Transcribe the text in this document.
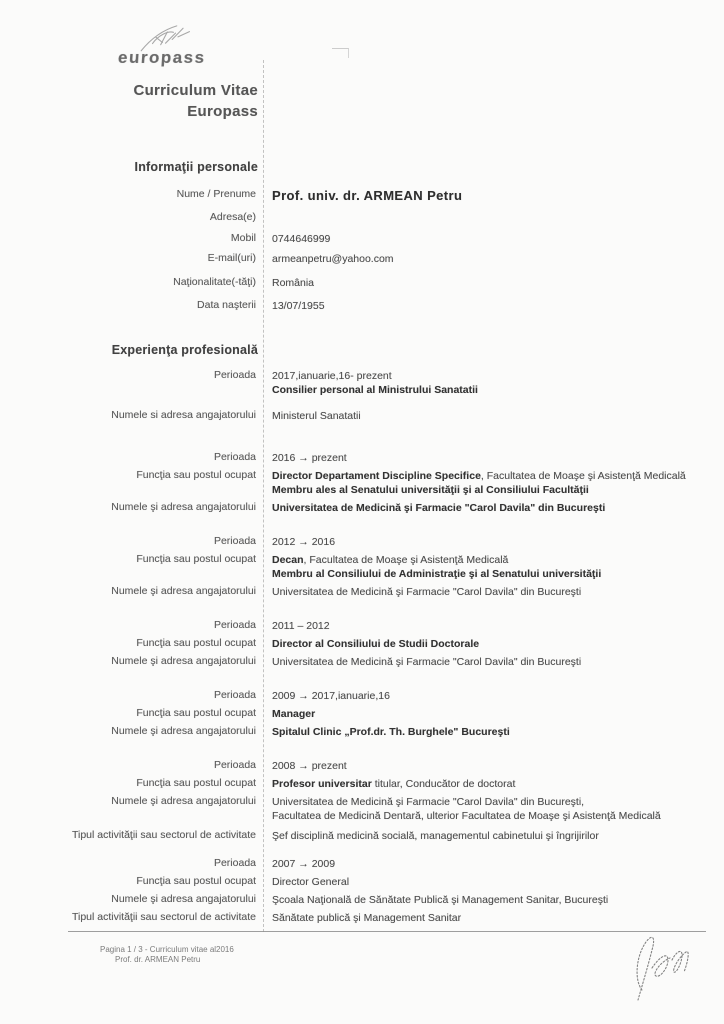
europass
Curriculum Vitae
Europass
Informaţii personale
Nume / Prenume	Prof. univ. dr. ARMEAN Petru
Adresa(e)
Mobil	0744646999
E-mail(uri)	armeanpetru@yahoo.com
Naţionalitate(-tăţi)	România
Data naşterii	13/07/1955
Experienţa profesională
Perioada	2017,ianuarie,16- prezent
Consilier personal al Ministrului Sanatatii
Numele si adresa angajatorului	Ministerul Sanatatii
Perioada	2016 → prezent
Funcţia sau postul ocupat	Director Departament Discipline Specifice, Facultatea de Moaşe şi Asistenţă Medicală
Membru ales al Senatului universităţii şi al Consiliului Facultăţii
Numele şi adresa angajatorului	Universitatea de Medicină şi Farmacie "Carol Davila" din Bucureşti
Perioada	2012 → 2016
Funcţia sau postul ocupat	Decan, Facultatea de Moaşe şi Asistenţă Medicală
Membru al Consiliului de Administraţie şi al Senatului universităţii
Numele şi adresa angajatorului	Universitatea de Medicină şi Farmacie "Carol Davila" din Bucureşti
Perioada	2011 – 2012
Funcţia sau postul ocupat	Director al Consiliului de Studii Doctorale
Numele şi adresa angajatorului	Universitatea de Medicină şi Farmacie "Carol Davila" din Bucureşti
Perioada	2009 → 2017,ianuarie,16
Funcţia sau postul ocupat	Manager
Numele şi adresa angajatorului	Spitalul Clinic „Prof.dr. Th. Burghele" Bucureşti
Perioada	2008 → prezent
Funcţia sau postul ocupat	Profesor universitar titular, Conducător de doctorat
Numele şi adresa angajatorului	Universitatea de Medicină şi Farmacie "Carol Davila" din Bucureşti,
Facultatea de Medicină Dentară, ulterior Facultatea de Moaşe şi Asistenţă Medicală
Tipul activităţii sau sectorul de activitate	Şef disciplină medicină socială, managementul cabinetului şi îngrijirilor
Perioada	2007 → 2009
Funcţia sau postul ocupat	Director General
Numele şi adresa angajatorului	Şcoala Naţională de Sănătate Publică şi Management Sanitar, Bucureşti
Tipul activităţii sau sectorul de activitate	Sănătate publică şi Management Sanitar
Pagina 1 / 3 - Curriculum vitae al
Prof. dr. ARMEAN Petru
2016
